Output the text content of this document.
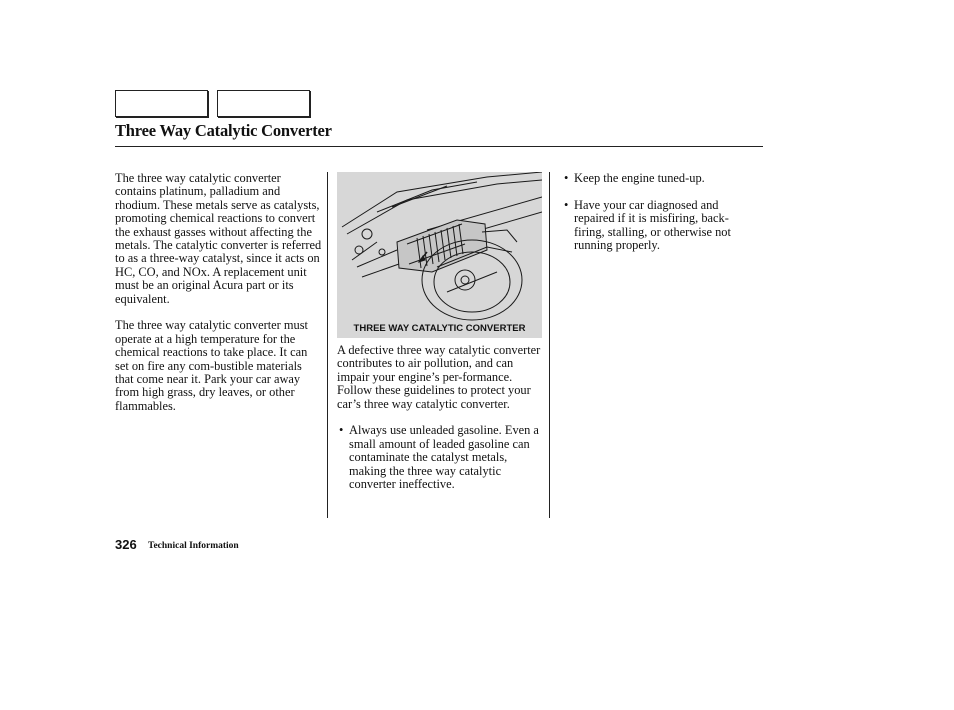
Three Way Catalytic Converter

The three way catalytic converter contains platinum, palladium and rhodium. These metals serve as catalysts, promoting chemical reactions to convert the exhaust gasses without affecting the metals. The catalytic converter is referred to as a three-way catalyst, since it acts on HC, CO, and NOx. A replacement unit must be an original Acura part or its equivalent.

The three way catalytic converter must operate at a high temperature for the chemical reactions to take place. It can set on fire any com-bustible materials that come near it. Park your car away from high grass, dry leaves, or other flammables.

THREE WAY CATALYTIC CONVERTER

A defective three way catalytic converter contributes to air pollution, and can impair your engine’s per-formance. Follow these guidelines to protect your car’s three way catalytic converter.

• Always use unleaded gasoline. Even a small amount of leaded gasoline can contaminate the catalyst metals, making the three way catalytic converter ineffective.

• Keep the engine tuned-up.

• Have your car diagnosed and repaired if it is misfiring, back-firing, stalling, or otherwise not running properly.

326 Technical Information
